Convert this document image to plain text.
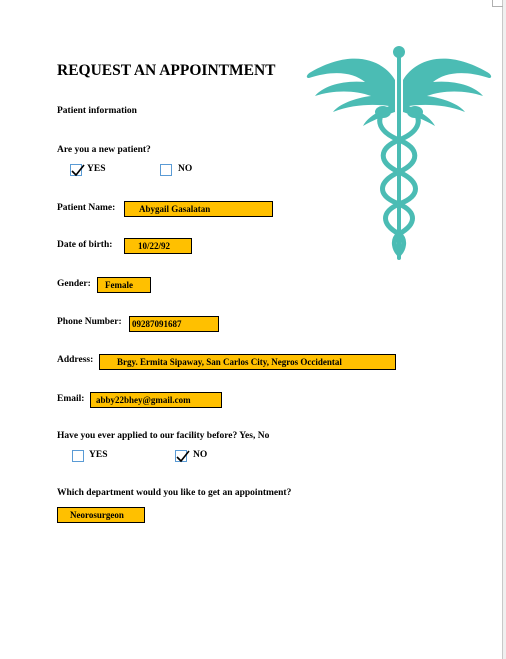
REQUEST AN APPOINTMENT
Patient information
Are you a new patient?
YES	NO
Patient Name:	Abygail Gasalatan
Date of birth:	10/22/92
Gender:	Female
Phone Number:	09287091687
Address:	Brgy. Ermita Sipaway, San Carlos City, Negros Occidental
Email:	abby22bhey@gmail.com
Have you ever applied to our facility before? Yes, No
YES	NO
Which department would you like to get an appointment?
Neorosurgeon
